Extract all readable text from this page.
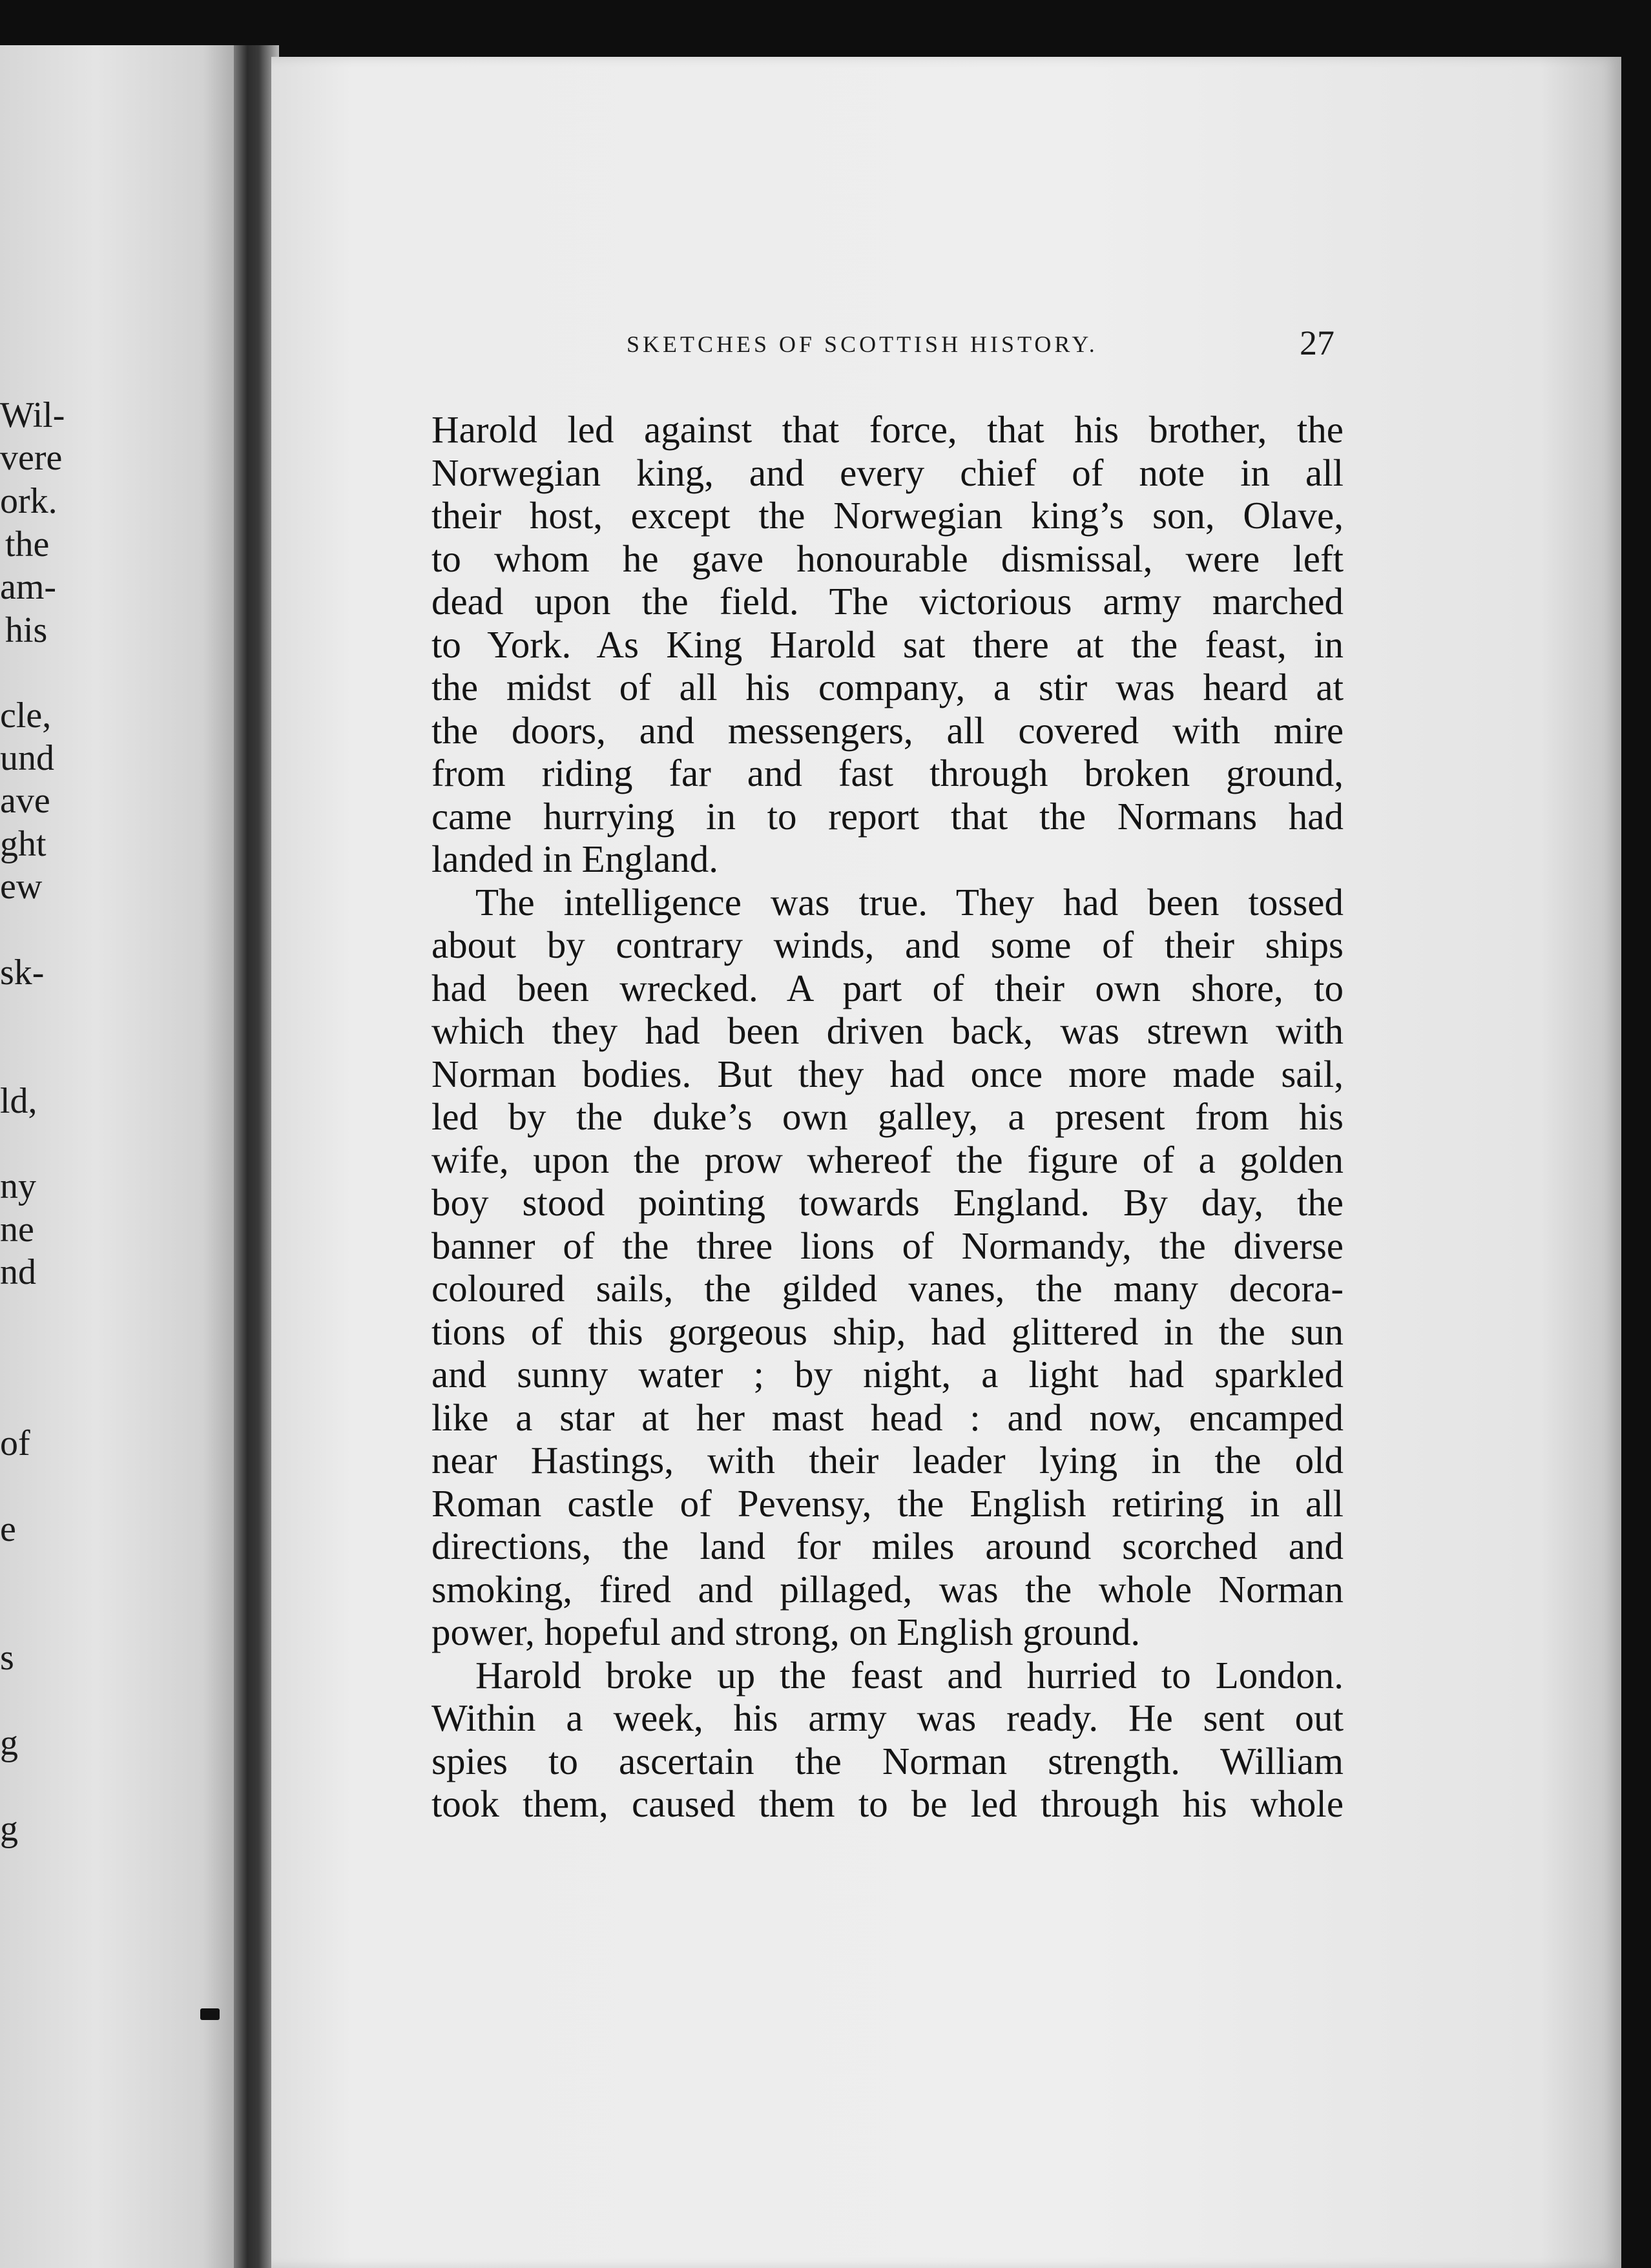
Wil-
vere
ork.
the
am-
his
cle,
und
ave
ght
ew
sk-
ld,
ny
ne
nd
of
e
s
g
g
SKETCHES OF SCOTTISH HISTORY.	27
Harold led against that force, that his brother, the
Norwegian king, and every chief of note in all
their host, except the Norwegian king’s son, Olave,
to whom he gave honourable dismissal, were left
dead upon the field. The victorious army marched
to York. As King Harold sat there at the feast, in
the midst of all his company, a stir was heard at
the doors, and messengers, all covered with mire
from riding far and fast through broken ground,
came hurrying in to report that the Normans had
landed in England.
The intelligence was true. They had been tossed
about by contrary winds, and some of their ships
had been wrecked. A part of their own shore, to
which they had been driven back, was strewn with
Norman bodies. But they had once more made sail,
led by the duke’s own galley, a present from his
wife, upon the prow whereof the figure of a golden
boy stood pointing towards England. By day, the
banner of the three lions of Normandy, the diverse
coloured sails, the gilded vanes, the many decora-
tions of this gorgeous ship, had glittered in the sun
and sunny water ; by night, a light had sparkled
like a star at her mast head : and now, encamped
near Hastings, with their leader lying in the old
Roman castle of Pevensy, the English retiring in all
directions, the land for miles around scorched and
smoking, fired and pillaged, was the whole Norman
power, hopeful and strong, on English ground.
Harold broke up the feast and hurried to London.
Within a week, his army was ready. He sent out
spies to ascertain the Norman strength. William
took them, caused them to be led through his whole
